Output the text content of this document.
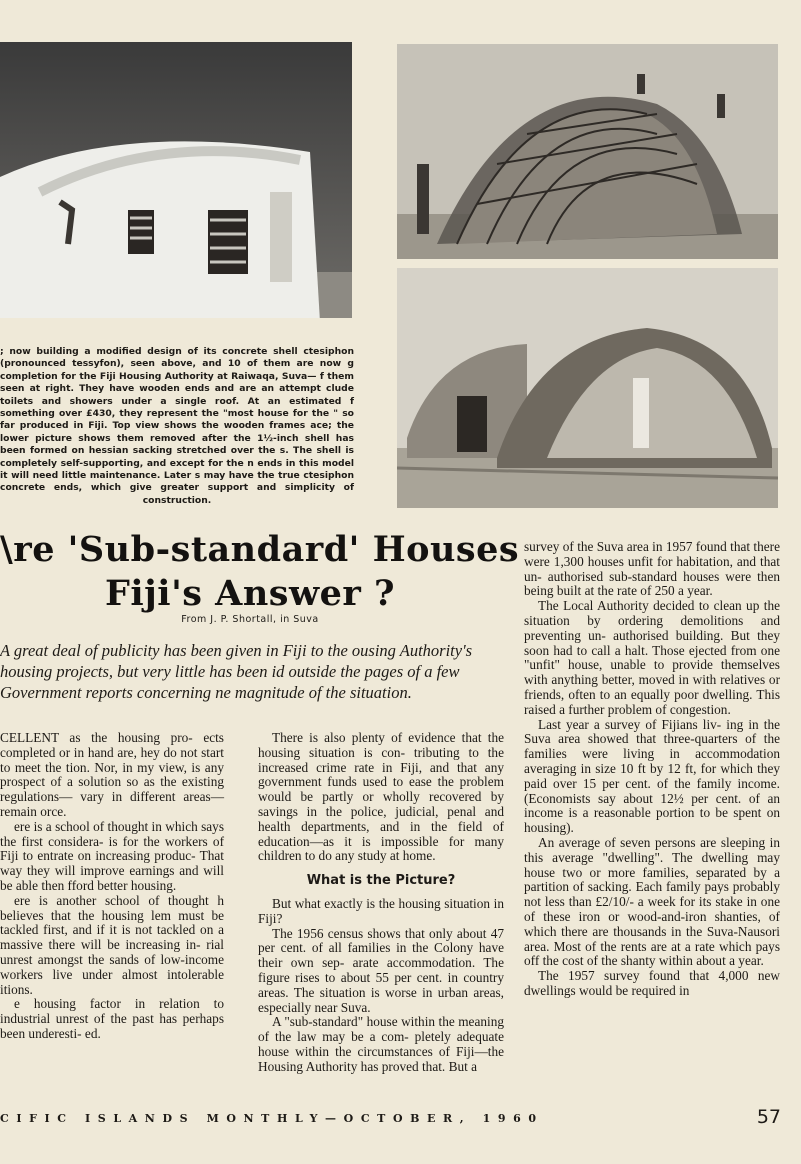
; now building a modified design of its concrete shell ctesiphon (pronounced tessyfon), seen above, and 10 of them are now g completion for the Fiji Housing Authority at Raiwaqa, Suva— f them seen at right. They have wooden ends and are an attempt clude toilets and showers under a single roof. At an estimated f something over £430, they represent the "most house for the " so far produced in Fiji. Top view shows the wooden frames ace; the lower picture shows them removed after the 1½-inch shell has been formed on hessian sacking stretched over the s. The shell is completely self-supporting, and except for the n ends in this model it will need little maintenance. Later s may have the true ctesiphon concrete ends, which give greater support and simplicity of construction.

\re 'Sub-standard' Houses
Fiji's Answer ?

From J. P. Shortall, in Suva

A great deal of publicity has been given in Fiji to the ousing Authority's housing projects, but very little has been id outside the pages of a few Government reports concerning ne magnitude of the situation.

CELLENT as the housing pro- ects completed or in hand are, hey do not start to meet the tion. Nor, in my view, is any prospect of a solution so as the existing regulations— vary in different areas—remain orce.

ere is a school of thought in which says the first considera- is for the workers of Fiji to entrate on increasing produc- That way they will improve earnings and will be able then fford better housing.

ere is another school of thought h believes that the housing lem must be tackled first, and if it is not tackled on a massive there will be increasing in- rial unrest amongst the sands of low-income workers live under almost intolerable itions.

e housing factor in relation to industrial unrest of the past has perhaps been underesti- ed.

There is also plenty of evidence that the housing situation is con- tributing to the increased crime rate in Fiji, and that any government funds used to ease the problem would be partly or wholly recovered by savings in the police, judicial, penal and health departments, and in the field of education—as it is impossible for many children to do any study at home.

What is the Picture?

But what exactly is the housing situation in Fiji?

The 1956 census shows that only about 47 per cent. of all families in the Colony have their own sep- arate accommodation. The figure rises to about 55 per cent. in country areas. The situation is worse in urban areas, especially near Suva.

A "sub-standard" house within the meaning of the law may be a com- pletely adequate house within the circumstances of Fiji—the Housing Authority has proved that. But a

survey of the Suva area in 1957 found that there were 1,300 houses unfit for habitation, and that un- authorised sub-standard houses were then being built at the rate of 250 a year.

The Local Authority decided to clean up the situation by ordering demolitions and preventing un- authorised building. But they soon had to call a halt. Those ejected from one "unfit" house, unable to provide themselves with anything better, moved in with relatives or friends, often to an equally poor dwelling. This raised a further problem of congestion.

Last year a survey of Fijians liv- ing in the Suva area showed that three-quarters of the families were living in accommodation averaging in size 10 ft by 12 ft, for which they paid over 15 per cent. of the family income. (Economists say about 12½ per cent. of an income is a reasonable portion to be spent on housing).

An average of seven persons are sleeping in this average "dwelling". The dwelling may house two or more families, separated by a partition of sacking. Each family pays probably not less than £2/10/- a week for its stake in one of these iron or wood-and-iron shanties, of which there are thousands in the Suva-Nausori area. Most of the rents are at a rate which pays off the cost of the shanty within about a year.

The 1957 survey found that 4,000 new dwellings would be required in

CIFIC ISLANDS MONTHLY—OCTOBER, 1960	57
